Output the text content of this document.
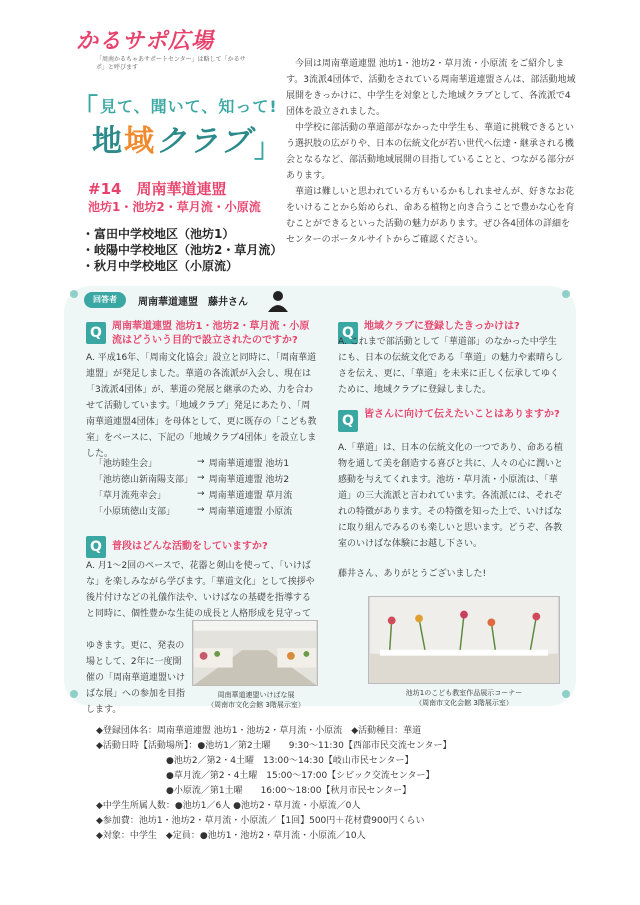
かるサポ広場
「周南かるちゃあサポートセンター」は略して「かるサポ」と呼びます
「 見て、聞いて、知って!
地域クラブ 」
#14　周南華道連盟
池坊1・池坊2・草月流・小原流
・富田中学校地区（池坊1）
・岐陽中学校地区（池坊2・草月流）
・秋月中学校地区（小原流）

今回は周南華道連盟 池坊1・池坊2・草月流・小原流 をご紹介します。3流派4団体で、活動をされている周南華道連盟さんは、部活動地域展開をきっかけに、中学生を対象とした地域クラブとして、各流派で4団体を設立されました。

中学校に部活動の華道部がなかった中学生も、華道に挑戦できるという選択肢の広がりや、日本の伝統文化が若い世代へ伝達・継承される機会となるなど、部活動地域展開の目指していることと、つながる部分があります。

華道は難しいと思われている方もいるかもしれませんが、好きなお花をいけることから始められ、命ある植物と向き合うことで豊かな心を育むことができるといった活動の魅力があります。ぜひ各4団体の詳細をセンターのポータルサイトからご確認ください。

回答者	周南華道連盟　藤井さん
Q	周南華道連盟 池坊1・池坊2・草月流・小原流はどういう目的で設立されたのですか?
A. 平成16年、「周南文化協会」設立と同時に、「周南華道連盟」が発足しました。華道の各流派が入会し、現在は「3流派4団体」が、華道の発展と継承のため、力を合わせて活動しています。「地域クラブ」発足にあたり、「周南華道連盟4団体」を母体として、更に既存の「こども教室」をベースに、下記の「地域クラブ4団体」を設立しました。
「池坊睦生会」	→	周南華道連盟 池坊1
「池坊徳山新南陽支部」	→	周南華道連盟 池坊2
「草月流苑幸会」	→	周南華道連盟 草月流
「小原琉徳山支部」	→	周南華道連盟 小原流
Q	普段はどんな活動をしていますか?
A. 月1～2回のペースで、花器と剣山を使って、「いけばな」を楽しみながら学びます。「華道文化」として挨拶や後片付けなどの礼儀作法や、いけばなの基礎を指導すると同時に、個性豊かな生徒の成長と人格形成を見守って
ゆきます。更に、発表の場として、2年に一度開催の「周南華道連盟いけばな展」への参加を目指します。
周南華道連盟いけばな展
（周南市文化会館 3階展示室）
Q	地域クラブに登録したきっかけは?
A. これまで部活動として「華道部」のなかった中学生にも、日本の伝統文化である「華道」の魅力や素晴らしさを伝え、更に、「華道」を未来に正しく伝承してゆくために、地域クラブに登録しました。
Q	皆さんに向けて伝えたいことはありますか?
A.「華道」は、日本の伝統文化の一つであり、命ある植物を通して美を創造する喜びと共に、人々の心に潤いと感動を与えてくれます。池坊・草月流・小原流は、「華道」の三大流派と言われています。各流派には、それぞれの特徴があります。その特徴を知った上で、いけばなに取り組んでみるのも楽しいと思います。どうぞ、各教室のいけばな体験にお越し下さい。
藤井さん、ありがとうございました!
池坊1のこども教室作品展示コーナー
（周南市文化会館 3階展示室）
◆登録団体名：周南華道連盟 池坊1・池坊2・草月流・小原流　 ◆活動種目：華道
◆活動日時【活動場所】：●池坊1／第2土曜　　9:30～11:30【西部市民交流センター】
●池坊2／第2・4土曜　13:00～14:30【岐山市民センター】
●草月流／第2・4土曜　15:00～17:00【シビック交流センター】
●小原流／第1土曜　　16:00～18:00【秋月市民センター】
◆中学生所属人数：●池坊1／6人 ●池坊2・草月流・小原流／0人
◆参加費：池坊1・池坊2・草月流・小原流／【1回】500円＋花材費900円くらい
◆対象：中学生　◆定員：●池坊1・池坊2・草月流・小原流／10人
